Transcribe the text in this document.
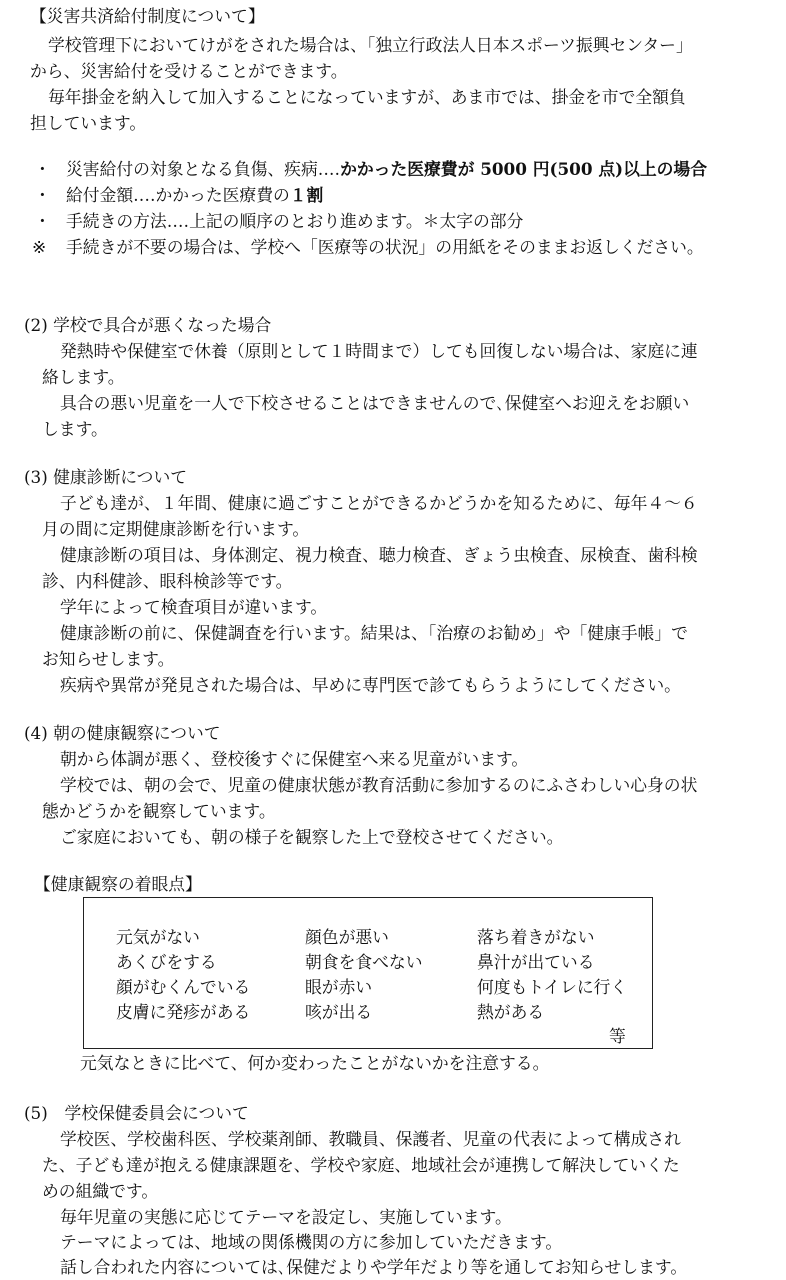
【災害共済給付制度について】
学校管理下においてけがをされた場合は、「独立行政法人日本スポーツ振興センター」
から、災害給付を受けることができます。
毎年掛金を納入して加入することになっていますが、あま市では、掛金を市で全額負
担しています。
・ 災害給付の対象となる負傷、疾病‥‥かかった医療費が 5000 円(500 点)以上の場合
・ 給付金額‥‥かかった医療費の１割
・ 手続きの方法‥‥上記の順序のとおり進めます。＊太字の部分
※ 手続きが不要の場合は、学校へ「医療等の状況」の用紙をそのままお返しください。
(2) 学校で具合が悪くなった場合
発熱時や保健室で休養（原則として１時間まで）しても回復しない場合は、家庭に連
絡します。
具合の悪い児童を一人で下校させることはできませんので､保健室へお迎えをお願い
します。
(3) 健康診断について
子ども達が、１年間、健康に過ごすことができるかどうかを知るために、毎年４～６
月の間に定期健康診断を行います。
健康診断の項目は、身体測定、視力検査、聴力検査、ぎょう虫検査、尿検査、歯科検
診、内科健診、眼科検診等です。
学年によって検査項目が違います。
健康診断の前に、保健調査を行います。結果は、「治療のお勧め」や「健康手帳」で
お知らせします。
疾病や異常が発見された場合は、早めに専門医で診てもらうようにしてください。
(4) 朝の健康観察について
朝から体調が悪く、登校後すぐに保健室へ来る児童がいます。
学校では、朝の会で、児童の健康状態が教育活動に参加するのにふさわしい心身の状
態かどうかを観察しています。
ご家庭においても、朝の様子を観察した上で登校させてください。
【健康観察の着眼点】
元気がない	顔色が悪い	落ち着きがない
あくびをする	朝食を食べない	鼻汁が出ている
顔がむくんでいる	眼が赤い	何度もトイレに行く
皮膚に発疹がある	咳が出る	熱がある
等
元気なときに比べて、何か変わったことがないかを注意する。
(5)　学校保健委員会について
学校医、学校歯科医、学校薬剤師、教職員、保護者、児童の代表によって構成され
た、子ども達が抱える健康課題を、学校や家庭、地域社会が連携して解決していくた
めの組織です。
毎年児童の実態に応じてテーマを設定し、実施しています。
テーマによっては、地域の関係機関の方に参加していただきます。
話し合われた内容については､保健だよりや学年だより等を通してお知らせします。
